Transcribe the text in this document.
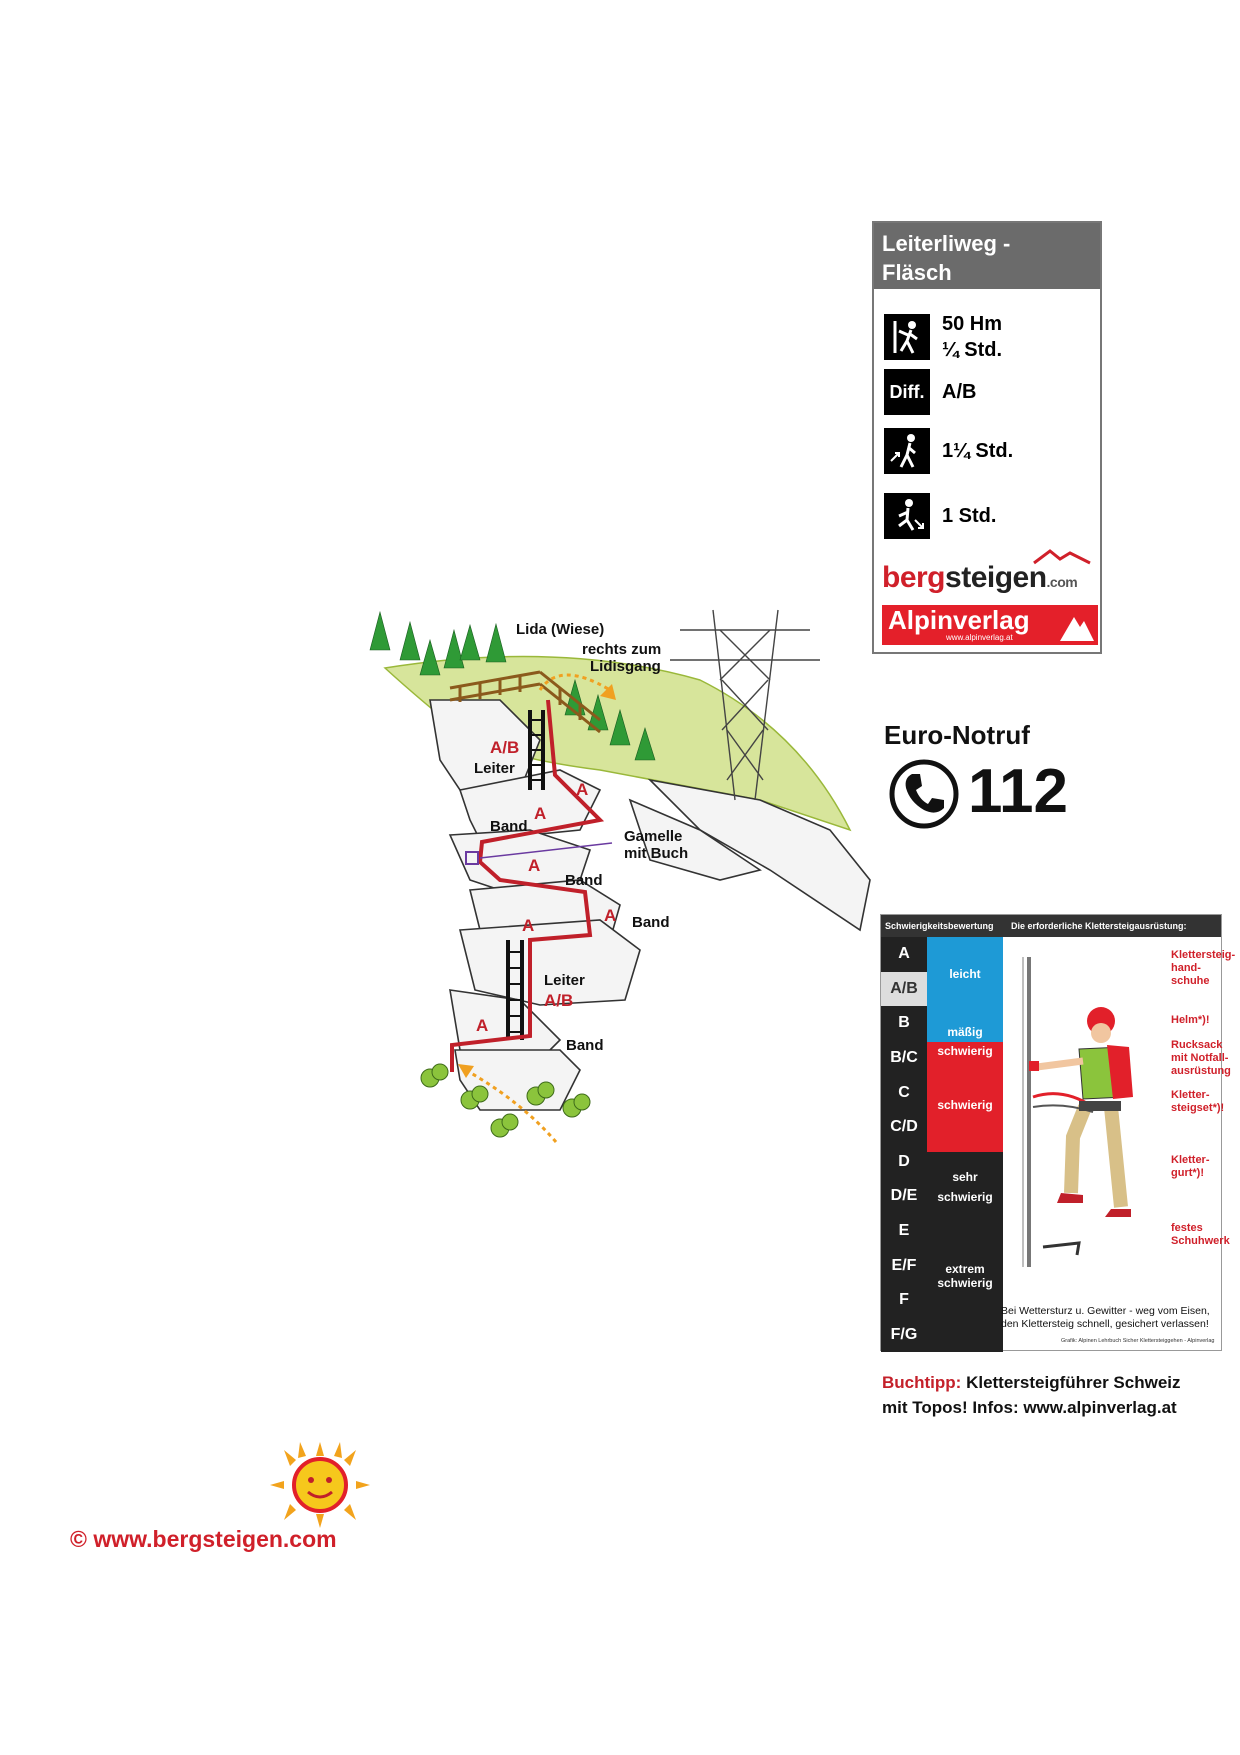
Lida (Wiese)
rechts zum
Lidisgang
A/B
Leiter
A
A
Band
Gamelle
mit Buch
A
Band
A Band
A
Leiter
A/B
A
Band
Leiterliweg -
Fläsch
50 Hm
¼ Std.
Diff. A/B
1¼ Std.
1 Std.
bergsteigen.com
Alpinverlag
www.alpinverlag.at
Euro-Notruf
112
Schwierigkeitsbewertung Die erforderliche Klettersteigausrüstung:
A
A/B
B
B/C
C
C/D
D
D/E
E
E/F
F
F/G
leicht
mäßig
schwierig
schwierig
sehr
schwierig
extrem
schwierig
Klettersteig-
hand-
schuhe
Helm*)!
Rucksack
mit Notfall-
ausrüstung
Kletter-
steigset*)!
Kletter-
gurt*)!
festes
Schuhwerk
Bei Wettersturz u. Gewitter - weg vom Eisen, den Klettersteig schnell, gesichert verlassen!
Grafik: Alpinen Lehrbuch Sicher Klettersteiggehen - Alpinverlag
Buchtipp: Klettersteigführer Schweiz
mit Topos! Infos: www.alpinverlag.at
© www.bergsteigen.com
